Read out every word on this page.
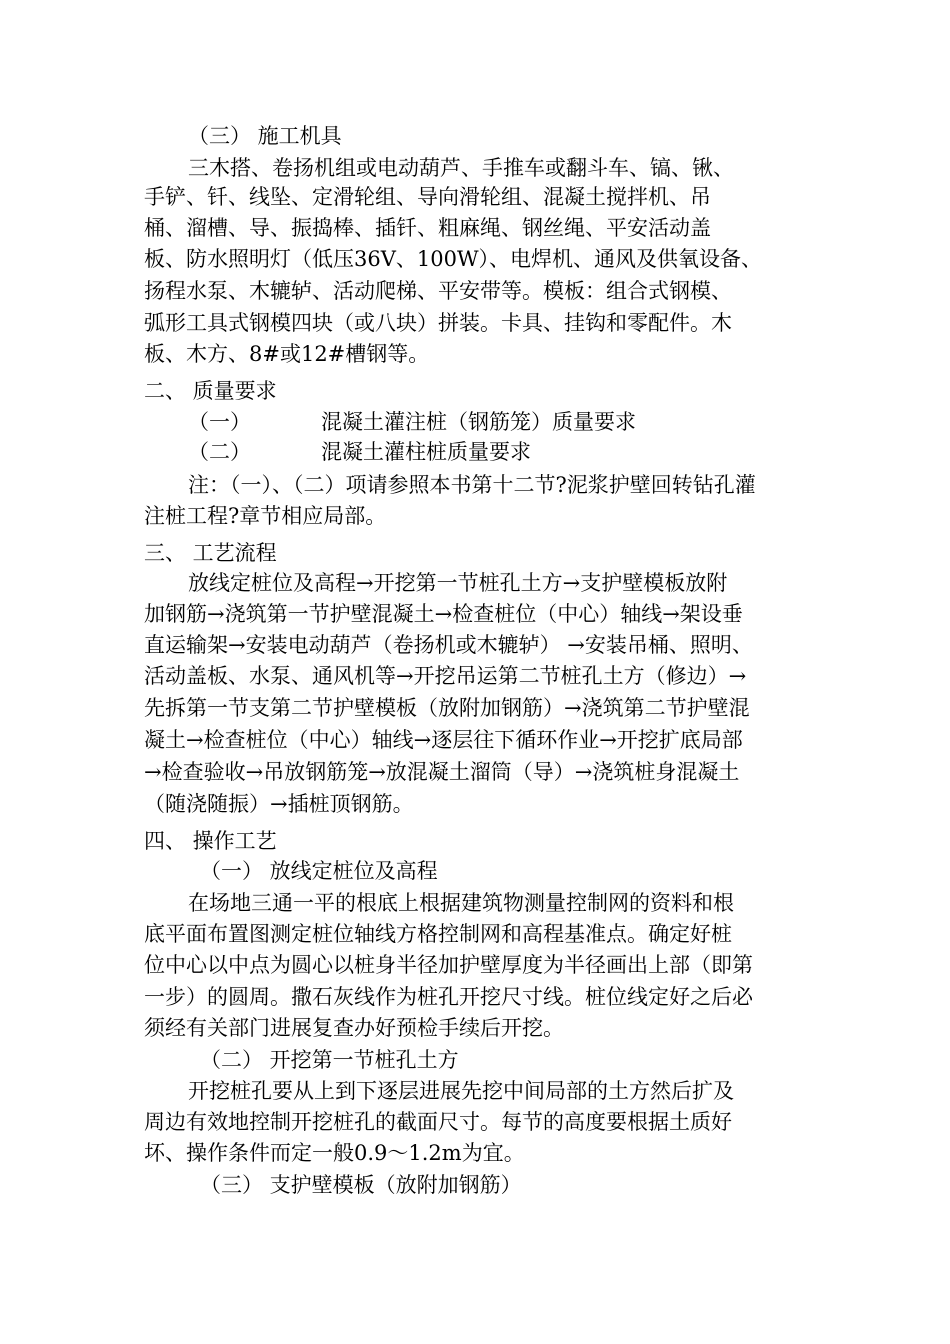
（三） 施工机具
三木搭、卷扬机组或电动葫芦、手推车或翻斗车、镐、锹、
手铲、钎、线坠、定滑轮组、导向滑轮组、混凝土搅拌机、吊
桶、溜槽、导、振捣棒、插钎、粗麻绳、钢丝绳、平安活动盖
板、防水照明灯（低压36V、100W）、电焊机、通风及供氧设备、
扬程水泵、木辘轳、活动爬梯、平安带等。模板：组合式钢模、
弧形工具式钢模四块（或八块）拼装。卡具、挂钩和零配件。木
板、木方、8#或12#槽钢等。
二、 质量要求
（一）	混凝土灌注桩（钢筋笼）质量要求
（二）	混凝土灌柱桩质量要求
注：（一）、（二）项请参照本书第十二节?泥浆护壁回转钻孔灌
注桩工程?章节相应局部。
三、 工艺流程
放线定桩位及高程→开挖第一节桩孔土方→支护壁模板放附
加钢筋→浇筑第一节护壁混凝土→检查桩位（中心）轴线→架设垂
直运输架→安装电动葫芦（卷扬机或木辘轳） →安装吊桶、照明、
活动盖板、水泵、通风机等→开挖吊运第二节桩孔土方（修边）→
先拆第一节支第二节护壁模板（放附加钢筋）→浇筑第二节护壁混
凝土→检查桩位（中心）轴线→逐层往下循环作业→开挖扩底局部
→检查验收→吊放钢筋笼→放混凝土溜筒（导）→浇筑桩身混凝土
（随浇随振）→插桩顶钢筋。
四、 操作工艺
（一） 放线定桩位及高程
在场地三通一平的根底上根据建筑物测量控制网的资料和根
底平面布置图测定桩位轴线方格控制网和高程基准点。确定好桩
位中心以中点为圆心以桩身半径加护壁厚度为半径画出上部（即第
一步）的圆周。撒石灰线作为桩孔开挖尺寸线。桩位线定好之后必
须经有关部门进展复查办好预检手续后开挖。
（二） 开挖第一节桩孔土方
开挖桩孔要从上到下逐层进展先挖中间局部的土方然后扩及
周边有效地控制开挖桩孔的截面尺寸。每节的高度要根据土质好
坏、操作条件而定一般0.9～1.2m为宜。
（三） 支护壁模板（放附加钢筋）
